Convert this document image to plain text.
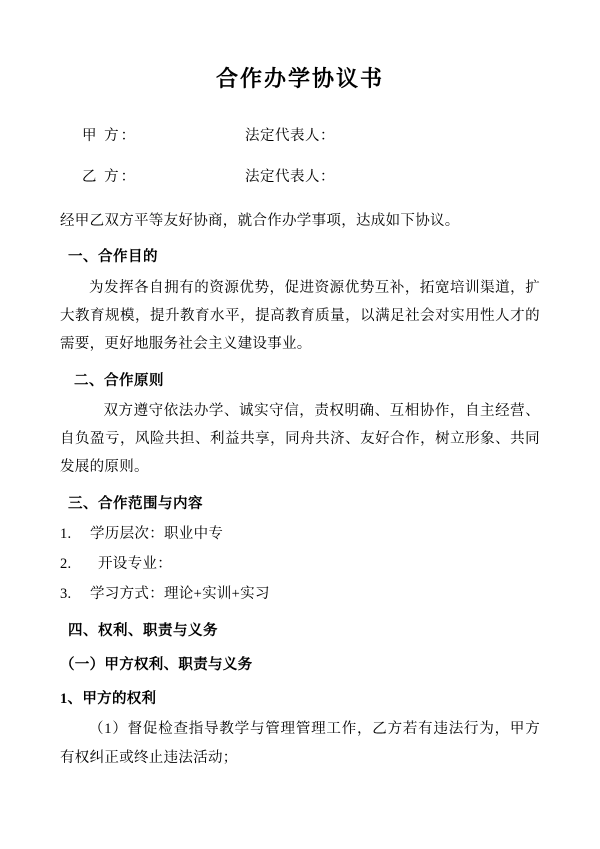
合作办学协议书
甲 方：	法定代表人：
乙 方：	法定代表人：

经甲乙双方平等友好协商，就合作办学事项，达成如下协议。

一、合作目的

为发挥各自拥有的资源优势，促进资源优势互补，拓宽培训渠道，扩大教育规模，提升教育水平，提高教育质量，以满足社会对实用性人才的需要，更好地服务社会主义建设事业。

二、合作原则

双方遵守依法办学、诚实守信，责权明确、互相协作，自主经营、自负盈亏，风险共担、利益共享，同舟共济、友好合作，树立形象、共同发展的原则。

三、合作范围与内容

1. 学历层次：职业中专

2. 开设专业：

3. 学习方式：理论+实训+实习

四、权利、职责与义务
（一）甲方权利、职责与义务
1、甲方的权利

（1）督促检查指导教学与管理管理工作，乙方若有违法行为，甲方有权纠正或终止违法活动；
